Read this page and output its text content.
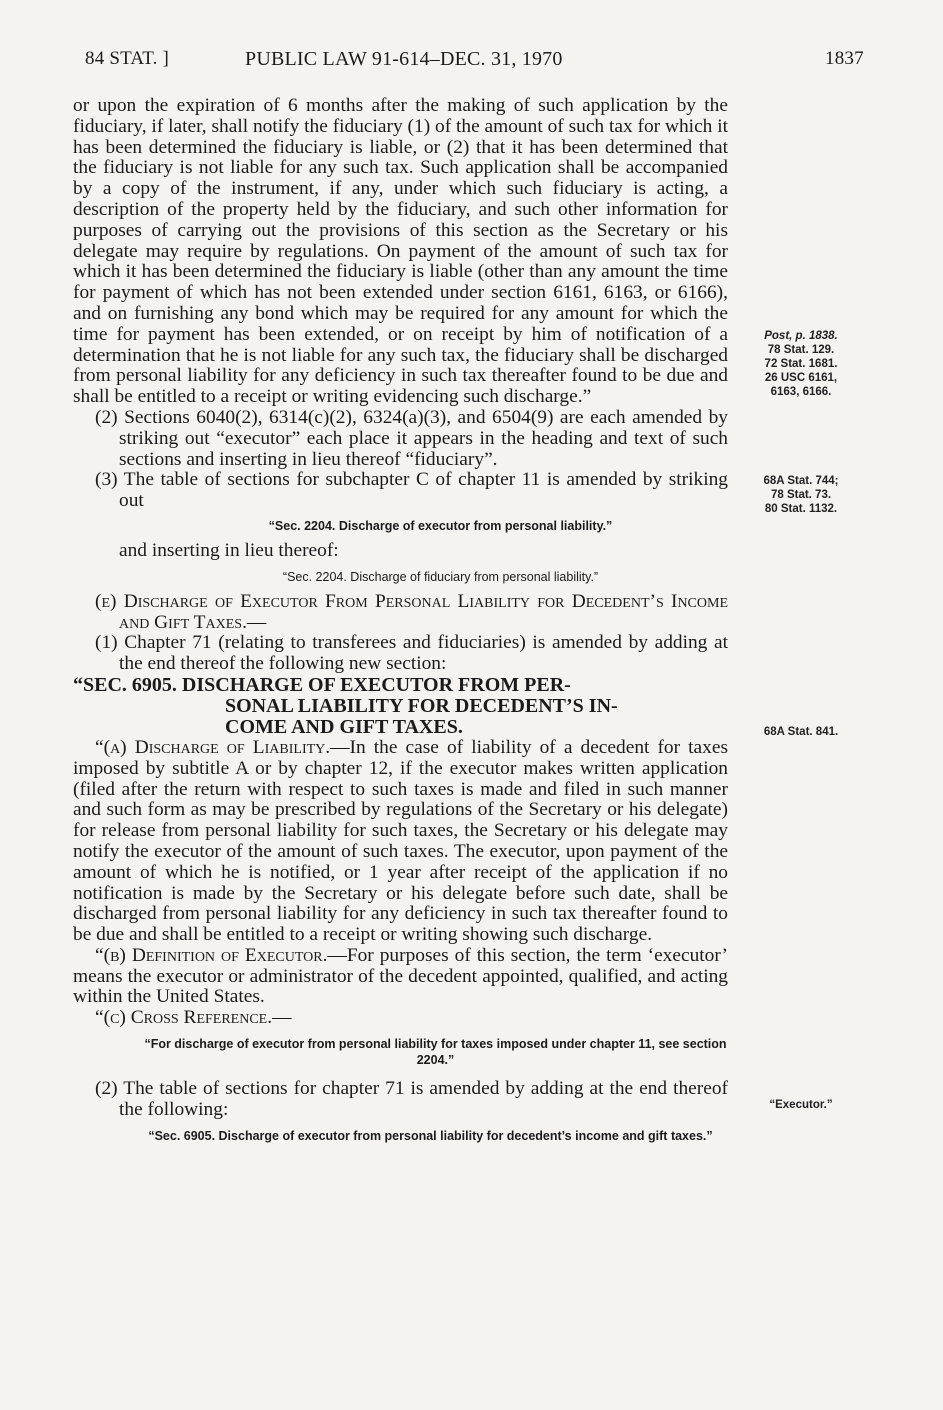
84 STAT. ]	PUBLIC LAW 91-614–DEC. 31, 1970	1837

or upon the expiration of 6 months after the making of such application by the fiduciary, if later, shall notify the fiduciary (1) of the amount of such tax for which it has been determined the fiduciary is liable, or (2) that it has been determined that the fiduciary is not liable for any such tax. Such application shall be accompanied by a copy of the instrument, if any, under which such fiduciary is acting, a description of the property held by the fiduciary, and such other information for purposes of carrying out the provisions of this section as the Secretary or his delegate may require by regulations. On payment of the amount of such tax for which it has been determined the fiduciary is liable (other than any amount the time for payment of which has not been extended under section 6161, 6163, or 6166), and on furnishing any bond which may be required for any amount for which the time for payment has been extended, or on receipt by him of notification of a determination that he is not liable for any such tax, the fiduciary shall be discharged from personal liability for any deficiency in such tax thereafter found to be due and shall be entitled to a receipt or writing evidencing such discharge.”

(2) Sections 6040(2), 6314(c)(2), 6324(a)(3), and 6504(9) are each amended by striking out “executor” each place it appears in the heading and text of such sections and inserting in lieu thereof “fiduciary”.

(3) The table of sections for subchapter C of chapter 11 is amended by striking out

“Sec. 2204. Discharge of executor from personal liability.”

and inserting in lieu thereof:

“Sec. 2204. Discharge of fiduciary from personal liability.”

(e) Discharge of Executor From Personal Liability for Decedent’s Income and Gift Taxes.—

(1) Chapter 71 (relating to transferees and fiduciaries) is amended by adding at the end thereof the following new section:

“SEC. 6905. DISCHARGE OF EXECUTOR FROM PER-

SONAL LIABILITY FOR DECEDENT’S IN-

COME AND GIFT TAXES.

“(a) Discharge of Liability.—In the case of liability of a decedent for taxes imposed by subtitle A or by chapter 12, if the executor makes written application (filed after the return with respect to such taxes is made and filed in such manner and such form as may be prescribed by regulations of the Secretary or his delegate) for release from personal liability for such taxes, the Secretary or his delegate may notify the executor of the amount of such taxes. The executor, upon payment of the amount of which he is notified, or 1 year after receipt of the application if no notification is made by the Secretary or his delegate before such date, shall be discharged from personal liability for any deficiency in such tax thereafter found to be due and shall be entitled to a receipt or writing showing such discharge.

“(b) Definition of Executor.—For purposes of this section, the term ‘executor’ means the executor or administrator of the decedent appointed, qualified, and acting within the United States.

“(c) Cross Reference.—

“For discharge of executor from personal liability for taxes imposed under chapter 11, see section 2204.”

(2) The table of sections for chapter 71 is amended by adding at the end thereof the following:

“Sec. 6905. Discharge of executor from personal liability for decedent’s income and gift taxes.”

Post, p. 1838.
78 Stat. 129.
72 Stat. 1681.
26 USC 6161,
6163, 6166.
68A Stat. 744;
78 Stat. 73.
80 Stat. 1132.
68A Stat. 841.
“Executor.”
